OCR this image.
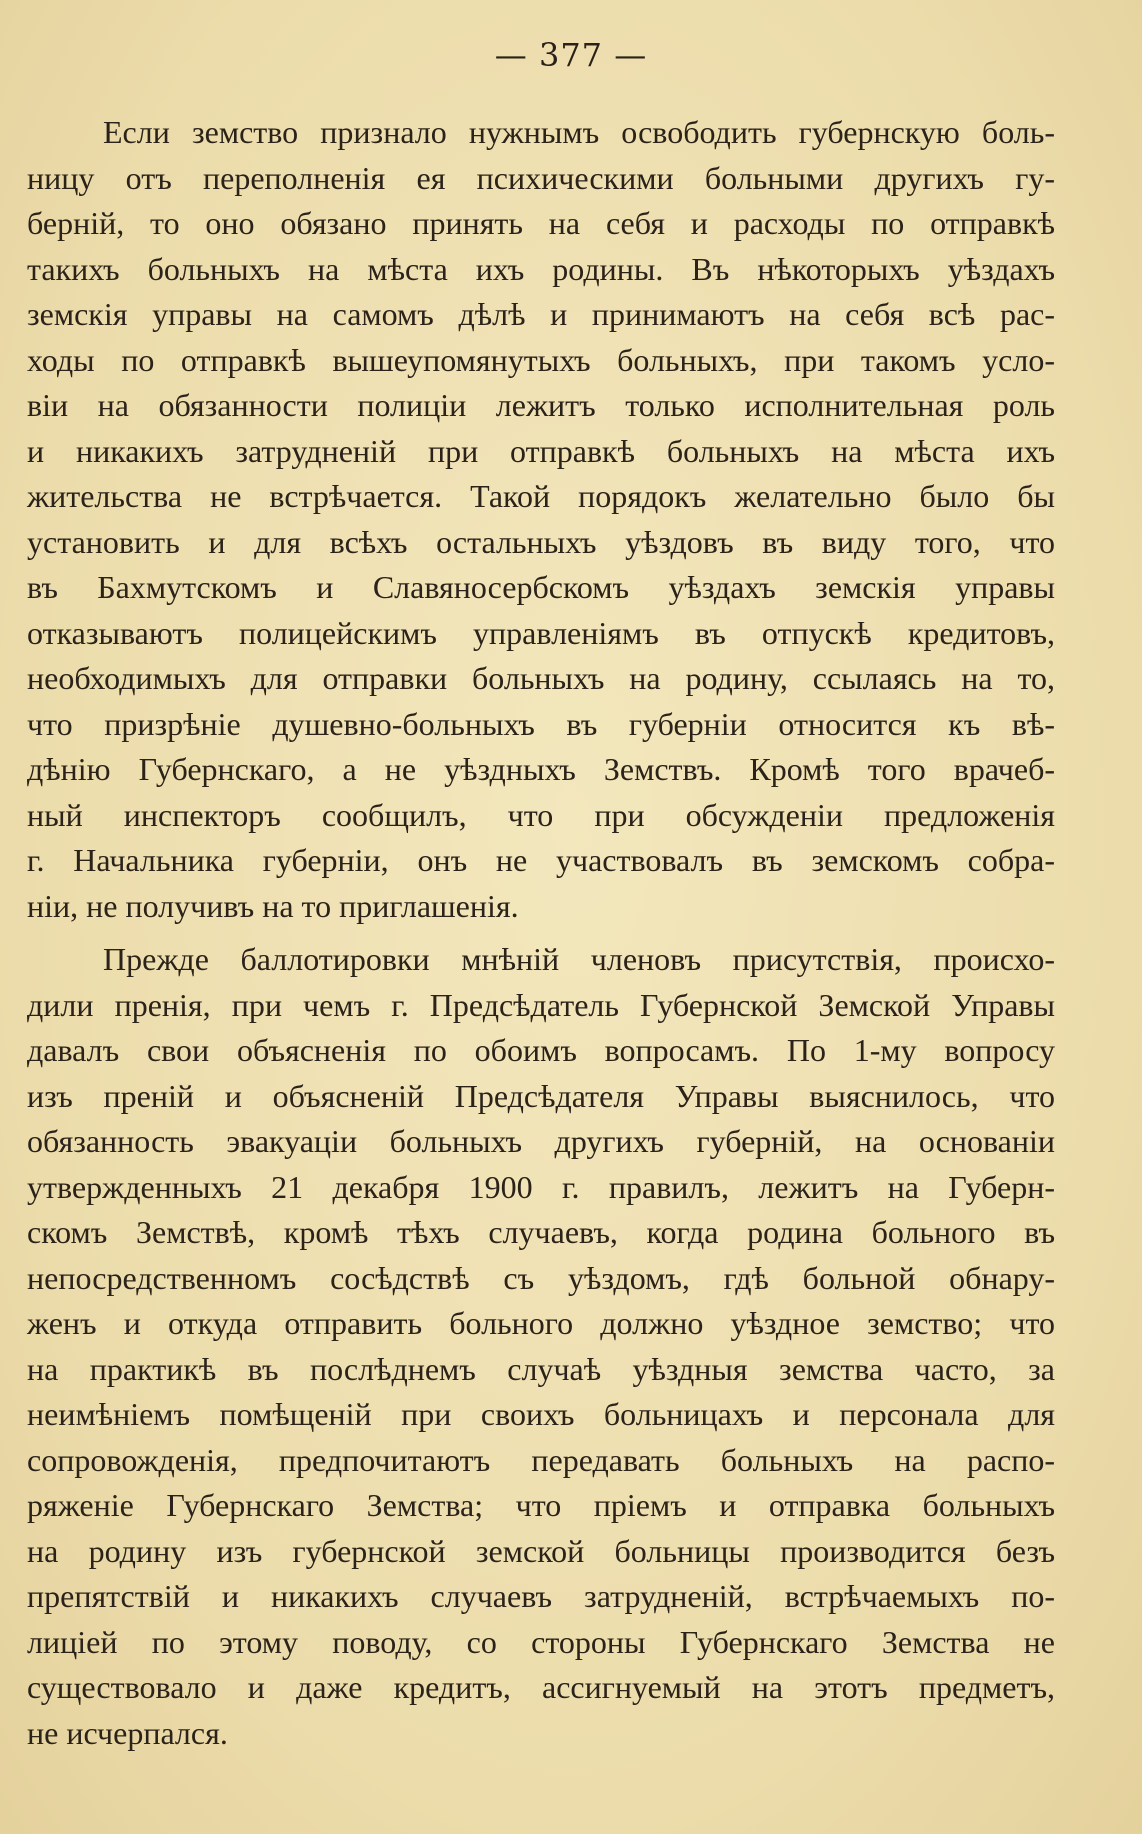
— 377 —
Если земство признало нужнымъ освободить губернскую боль-
ницу отъ переполненія ея психическими больными другихъ гу-
берній, то оно обязано принять на себя и расходы по отправкѣ
такихъ больныхъ на мѣста ихъ родины. Въ нѣкоторыхъ уѣздахъ
земскія управы на самомъ дѣлѣ и принимаютъ на себя всѣ рас-
ходы по отправкѣ вышеупомянутыхъ больныхъ, при такомъ усло-
віи на обязанности полиціи лежитъ только исполнительная роль
и никакихъ затрудненій при отправкѣ больныхъ на мѣста ихъ
жительства не встрѣчается. Такой порядокъ желательно было бы
установить и для всѣхъ остальныхъ уѣздовъ въ виду того, что
въ Бахмутскомъ и Славяносербскомъ уѣздахъ земскія управы
отказываютъ полицейскимъ управленіямъ въ отпускѣ кредитовъ,
необходимыхъ для отправки больныхъ на родину, ссылаясь на то,
что призрѣніе душевно-больныхъ въ губерніи относится къ вѣ-
дѣнію Губернскаго, а не уѣздныхъ Земствъ. Кромѣ того врачеб-
ный инспекторъ сообщилъ, что при обсужденіи предложенія
г. Начальника губерніи, онъ не участвовалъ въ земскомъ собра-
ніи, не получивъ на то приглашенія.
Прежде баллотировки мнѣній членовъ присутствія, происхо-
дили пренія, при чемъ г. Предсѣдатель Губернской Земской Управы
давалъ свои объясненія по обоимъ вопросамъ. По 1-му вопросу
изъ преній и объясненій Предсѣдателя Управы выяснилось, что
обязанность эвакуаціи больныхъ другихъ губерній, на основаніи
утвержденныхъ 21 декабря 1900 г. правилъ, лежитъ на Губерн-
скомъ Земствѣ, кромѣ тѣхъ случаевъ, когда родина больного въ
непосредственномъ сосѣдствѣ съ уѣздомъ, гдѣ больной обнару-
женъ и откуда отправить больного должно уѣздное земство; что
на практикѣ въ послѣднемъ случаѣ уѣздныя земства часто, за
неимѣніемъ помѣщеній при своихъ больницахъ и персонала для
сопровожденія, предпочитаютъ передавать больныхъ на распо-
ряженіе Губернскаго Земства; что пріемъ и отправка больныхъ
на родину изъ губернской земской больницы производится безъ
препятствій и никакихъ случаевъ затрудненій, встрѣчаемыхъ по-
лиціей по этому поводу, со стороны Губернскаго Земства не
существовало и даже кредитъ, ассигнуемый на этотъ предметъ,
не исчерпался.
